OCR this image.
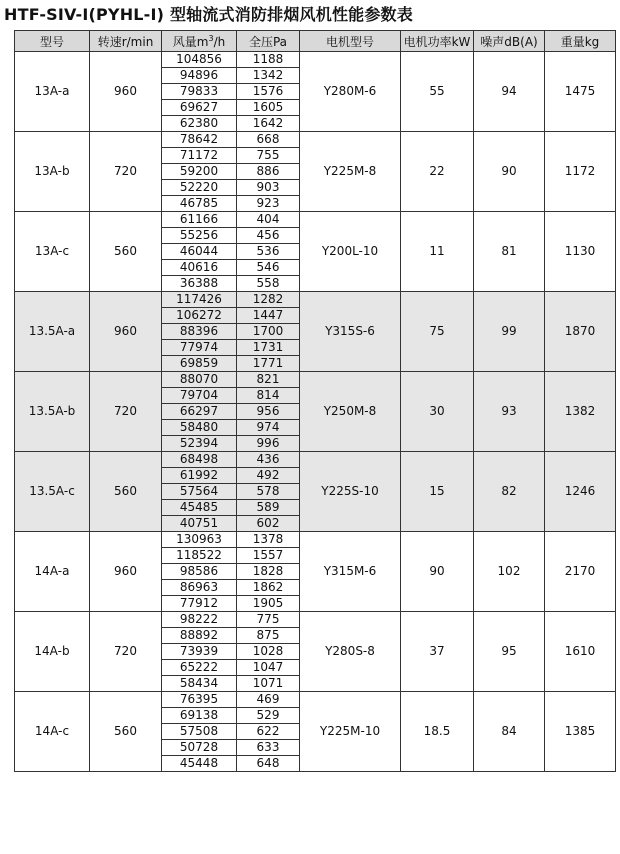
HTF-SIV-I(PYHL-I) 型轴流式消防排烟风机性能参数表
型号	转速r/min	风量$m^3/h$	全压Pa	电机型号	电机功率kW	噪声dB(A)	重量kg
13A-a	960	104856	1188	Y280M-6	55	94	1475
		94896	1342				
		79833	1576				
		69627	1605				
		62380	1642				
13A-b	720	78642	668	Y225M-8	22	90	1172
		71172	755				
		59200	886				
		52220	903				
		46785	923				
13A-c	560	61166	404	Y200L-10	11	81	1130
		55256	456				
		46044	536				
		40616	546				
		36388	558				
13.5A-a	960	117426	1282	Y315S-6	75	99	1870
		106272	1447				
		88396	1700				
		77974	1731				
		69859	1771				
13.5A-b	720	88070	821	Y250M-8	30	93	1382
		79704	814				
		66297	956				
		58480	974				
		52394	996				
13.5A-c	560	68498	436	Y225S-10	15	82	1246
		61992	492				
		57564	578				
		45485	589				
		40751	602				
14A-a	960	130963	1378	Y315M-6	90	102	2170
		118522	1557				
		98586	1828				
		86963	1862				
		77912	1905				
14A-b	720	98222	775	Y280S-8	37	95	1610
		88892	875				
		73939	1028				
		65222	1047				
		58434	1071				
14A-c	560	76395	469	Y225M-10	18.5	84	1385
		69138	529				
		57508	622				
		50728	633				
		45448	648				
